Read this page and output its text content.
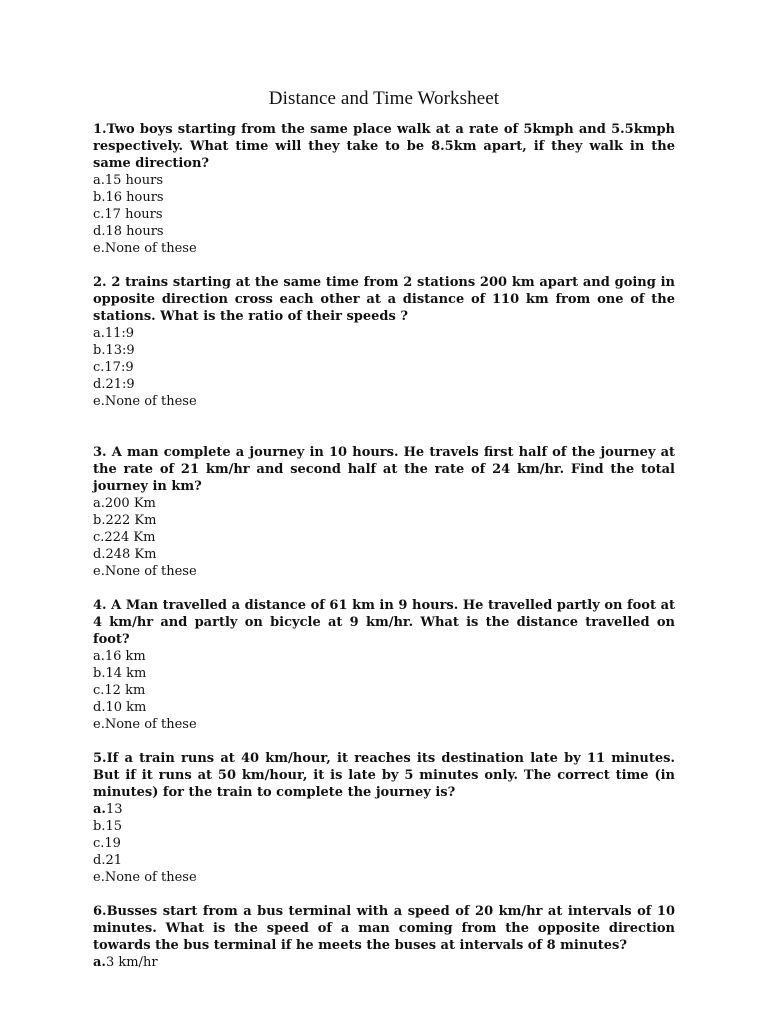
Distance and Time Worksheet

1.Two boys starting from the same place walk at a rate of 5kmph and 5.5kmph respectively. What time will they take to be 8.5km apart, if they walk in the same direction?

a.15 hours
b.16 hours
c.17 hours
d.18 hours
e.None of these

2. 2 trains starting at the same time from 2 stations 200 km apart and going in opposite direction cross each other at a distance of 110 km from one of the stations. What is the ratio of their speeds ?

a.11:9
b.13:9
c.17:9
d.21:9
e.None of these

3. A man complete a journey in 10 hours. He travels first half of the journey at the rate of 21 km/hr and second half at the rate of 24 km/hr. Find the total journey in km?

a.200 Km
b.222 Km
c.224 Km
d.248 Km
e.None of these

4. A Man travelled a distance of 61 km in 9 hours. He travelled partly on foot at 4 km/hr and partly on bicycle at 9 km/hr. What is the distance travelled on foot?

a.16 km
b.14 km
c.12 km
d.10 km
e.None of these

5.If a train runs at 40 km/hour, it reaches its destination late by 11 minutes. But if it runs at 50 km/hour, it is late by 5 minutes only. The correct time (in minutes) for the train to complete the journey is?

a.13
b.15
c.19
d.21
e.None of these

6.Busses start from a bus terminal with a speed of 20 km/hr at intervals of 10 minutes. What is the speed of a man coming from the opposite direction towards the bus terminal if he meets the buses at intervals of 8 minutes?

a.3 km/hr
